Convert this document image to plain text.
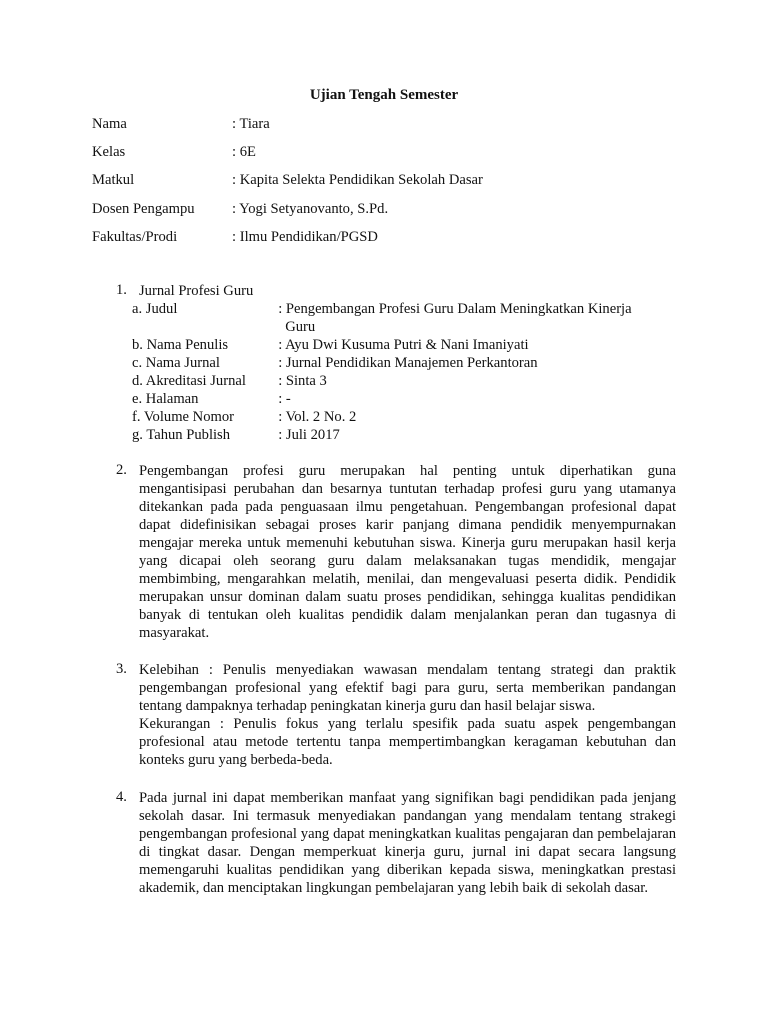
Ujian Tengah Semester
Nama	: Tiara
Kelas	: 6E
Matkul	: Kapita Selekta Pendidikan Sekolah Dasar
Dosen Pengampu	: Yogi Setyanovanto, S.Pd.
Fakultas/Prodi	: Ilmu Pendidikan/PGSD
1. Jurnal Profesi Guru
a. Judul	: Pengembangan Profesi Guru Dalam Meningkatkan Kinerja
Guru
b. Nama Penulis	: Ayu Dwi Kusuma Putri & Nani Imaniyati
c. Nama Jurnal	: Jurnal Pendidikan Manajemen Perkantoran
d. Akreditasi Jurnal	: Sinta 3
e. Halaman	: -
f. Volume Nomor	: Vol. 2 No. 2
g. Tahun Publish	: Juli 2017
2. Pengembangan profesi guru merupakan hal penting untuk diperhatikan guna mengantisipasi perubahan dan besarnya tuntutan terhadap profesi guru yang utamanya ditekankan pada pada penguasaan ilmu pengetahuan. Pengembangan profesional dapat dapat didefinisikan sebagai proses karir panjang dimana pendidik menyempurnakan mengajar mereka untuk memenuhi kebutuhan siswa. Kinerja guru merupakan hasil kerja yang dicapai oleh seorang guru dalam melaksanakan tugas mendidik, mengajar membimbing, mengarahkan melatih, menilai, dan mengevaluasi peserta didik. Pendidik merupakan unsur dominan dalam suatu proses pendidikan, sehingga kualitas pendidikan banyak di tentukan oleh kualitas pendidik dalam menjalankan peran dan tugasnya di masyarakat.

3. Kelebihan : Penulis menyediakan wawasan mendalam tentang strategi dan praktik pengembangan profesional yang efektif bagi para guru, serta memberikan pandangan tentang dampaknya terhadap peningkatan kinerja guru dan hasil belajar siswa.

Kekurangan : Penulis fokus yang terlalu spesifik pada suatu aspek pengembangan profesional atau metode tertentu tanpa mempertimbangkan keragaman kebutuhan dan konteks guru yang berbeda-beda.

4. Pada jurnal ini dapat memberikan manfaat yang signifikan bagi pendidikan pada jenjang sekolah dasar. Ini termasuk menyediakan pandangan yang mendalam tentang strakegi pengembangan profesional yang dapat meningkatkan kualitas pengajaran dan pembelajaran di tingkat dasar. Dengan memperkuat kinerja guru, jurnal ini dapat secara langsung memengaruhi kualitas pendidikan yang diberikan kepada siswa, meningkatkan prestasi akademik, dan menciptakan lingkungan pembelajaran yang lebih baik di sekolah dasar.
